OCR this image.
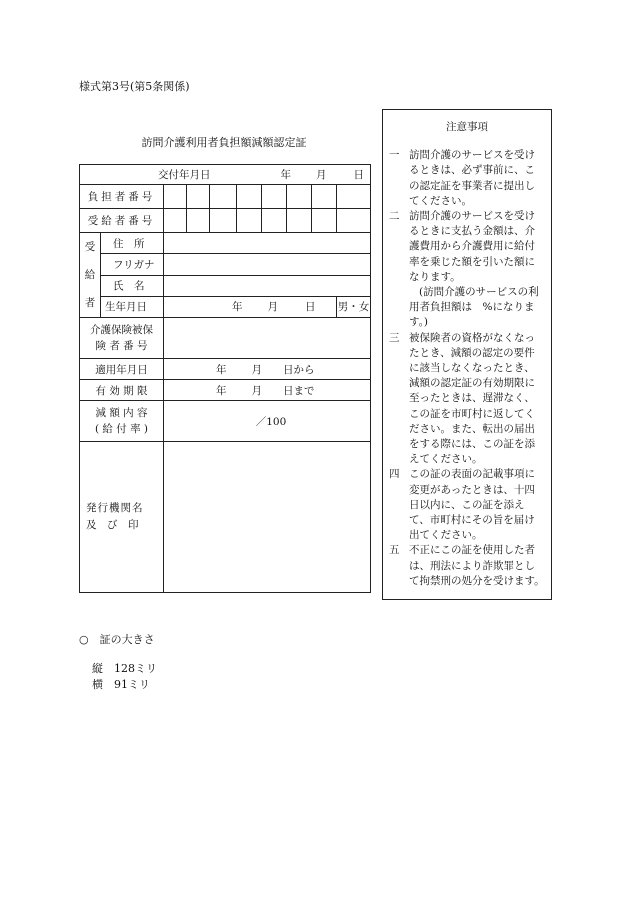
様式第3号(第5条関係)
訪問介護利用者負担額減額認定証
交付年月日 年 月 日									

負担者番号									
受給者番号									

受
給
者	住　所								
	フリガナ								
	氏　名								
	生年月日	年 月 日							男・女

介護保険被保
険 者 番 号									

適用年月日		年 月 日から							

有 効 期 限		年 月 日まで							

減 額 内 容
( 給 付 率 )		／100							

発行機関名
及　び　印									

注意事項
一 訪問介護のサービスを受けるときは、必ず事前に、この認定証を事業者に提出してください。
二 訪問介護のサービスを受けるときに支払う金額は、介護費用から介護費用に給付率を乗じた額を引いた額になります。
(訪問介護のサービスの利用者負担額は　%になります。)
三 被保険者の資格がなくなったとき、減額の認定の要件に該当しなくなったとき、減額の認定証の有効期限に至ったときは、遅滞なく、この証を市町村に返してください。また、転出の届出をする際には、この証を添えてください。
四 この証の表面の記載事項に変更があったときは、十四日以内に、この証を添えて、市町村にその旨を届け出てください。
五 不正にこの証を使用した者は、刑法により詐欺罪として拘禁刑の処分を受けます。
○　証の大きさ
縦　128ミリ
横　91ミリ
